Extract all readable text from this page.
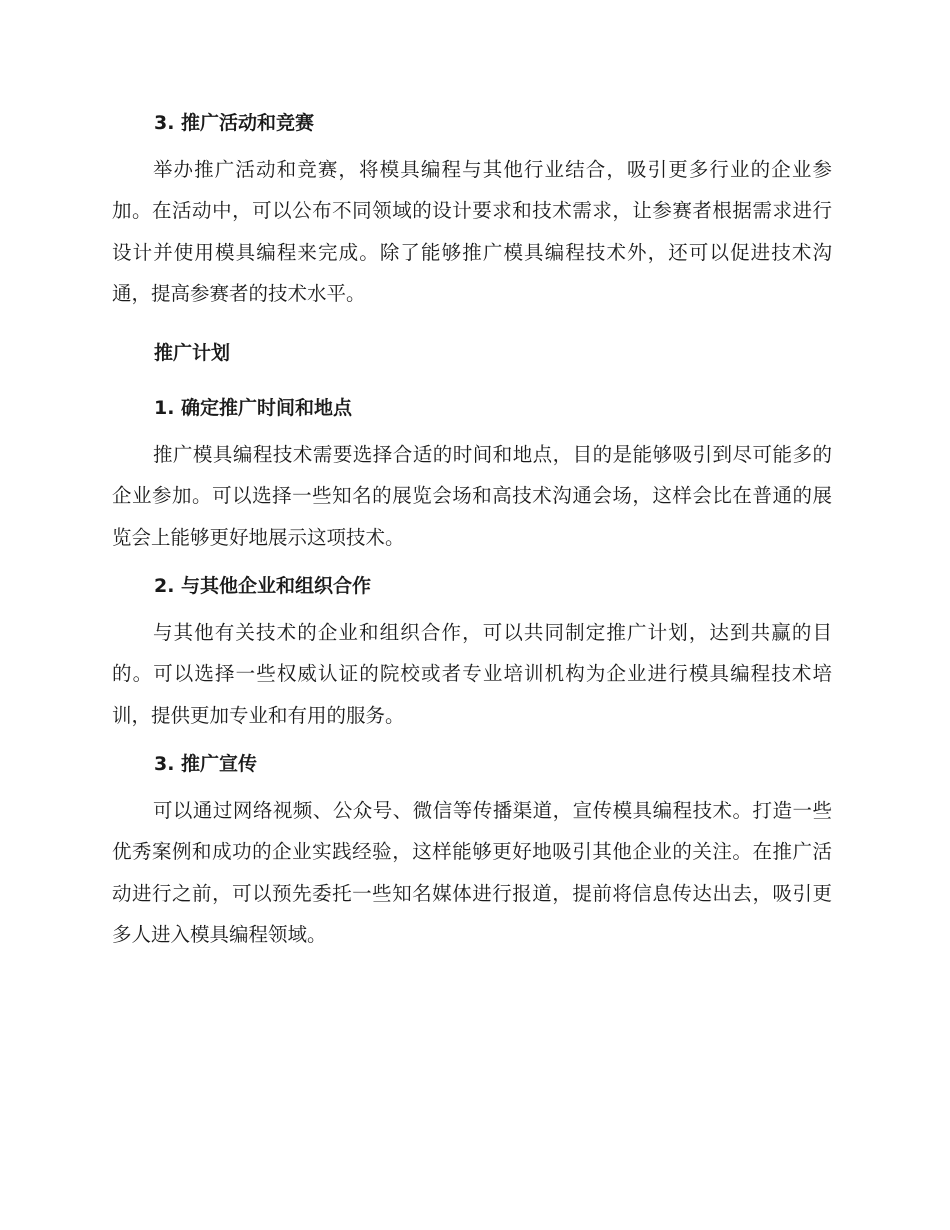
3. 推广活动和竞赛

举办推广活动和竞赛，将模具编程与其他行业结合，吸引更多行业的企业参加。在活动中，可以公布不同领域的设计要求和技术需求，让参赛者根据需求进行设计并使用模具编程来完成。除了能够推广模具编程技术外，还可以促进技术沟通，提高参赛者的技术水平。

推广计划
1. 确定推广时间和地点

推广模具编程技术需要选择合适的时间和地点，目的是能够吸引到尽可能多的企业参加。可以选择一些知名的展览会场和高技术沟通会场，这样会比在普通的展览会上能够更好地展示这项技术。

2. 与其他企业和组织合作

与其他有关技术的企业和组织合作，可以共同制定推广计划，达到共赢的目的。可以选择一些权威认证的院校或者专业培训机构为企业进行模具编程技术培训，提供更加专业和有用的服务。

3. 推广宣传

可以通过网络视频、公众号、微信等传播渠道，宣传模具编程技术。打造一些优秀案例和成功的企业实践经验，这样能够更好地吸引其他企业的关注。在推广活动进行之前，可以预先委托一些知名媒体进行报道，提前将信息传达出去，吸引更多人进入模具编程领域。
